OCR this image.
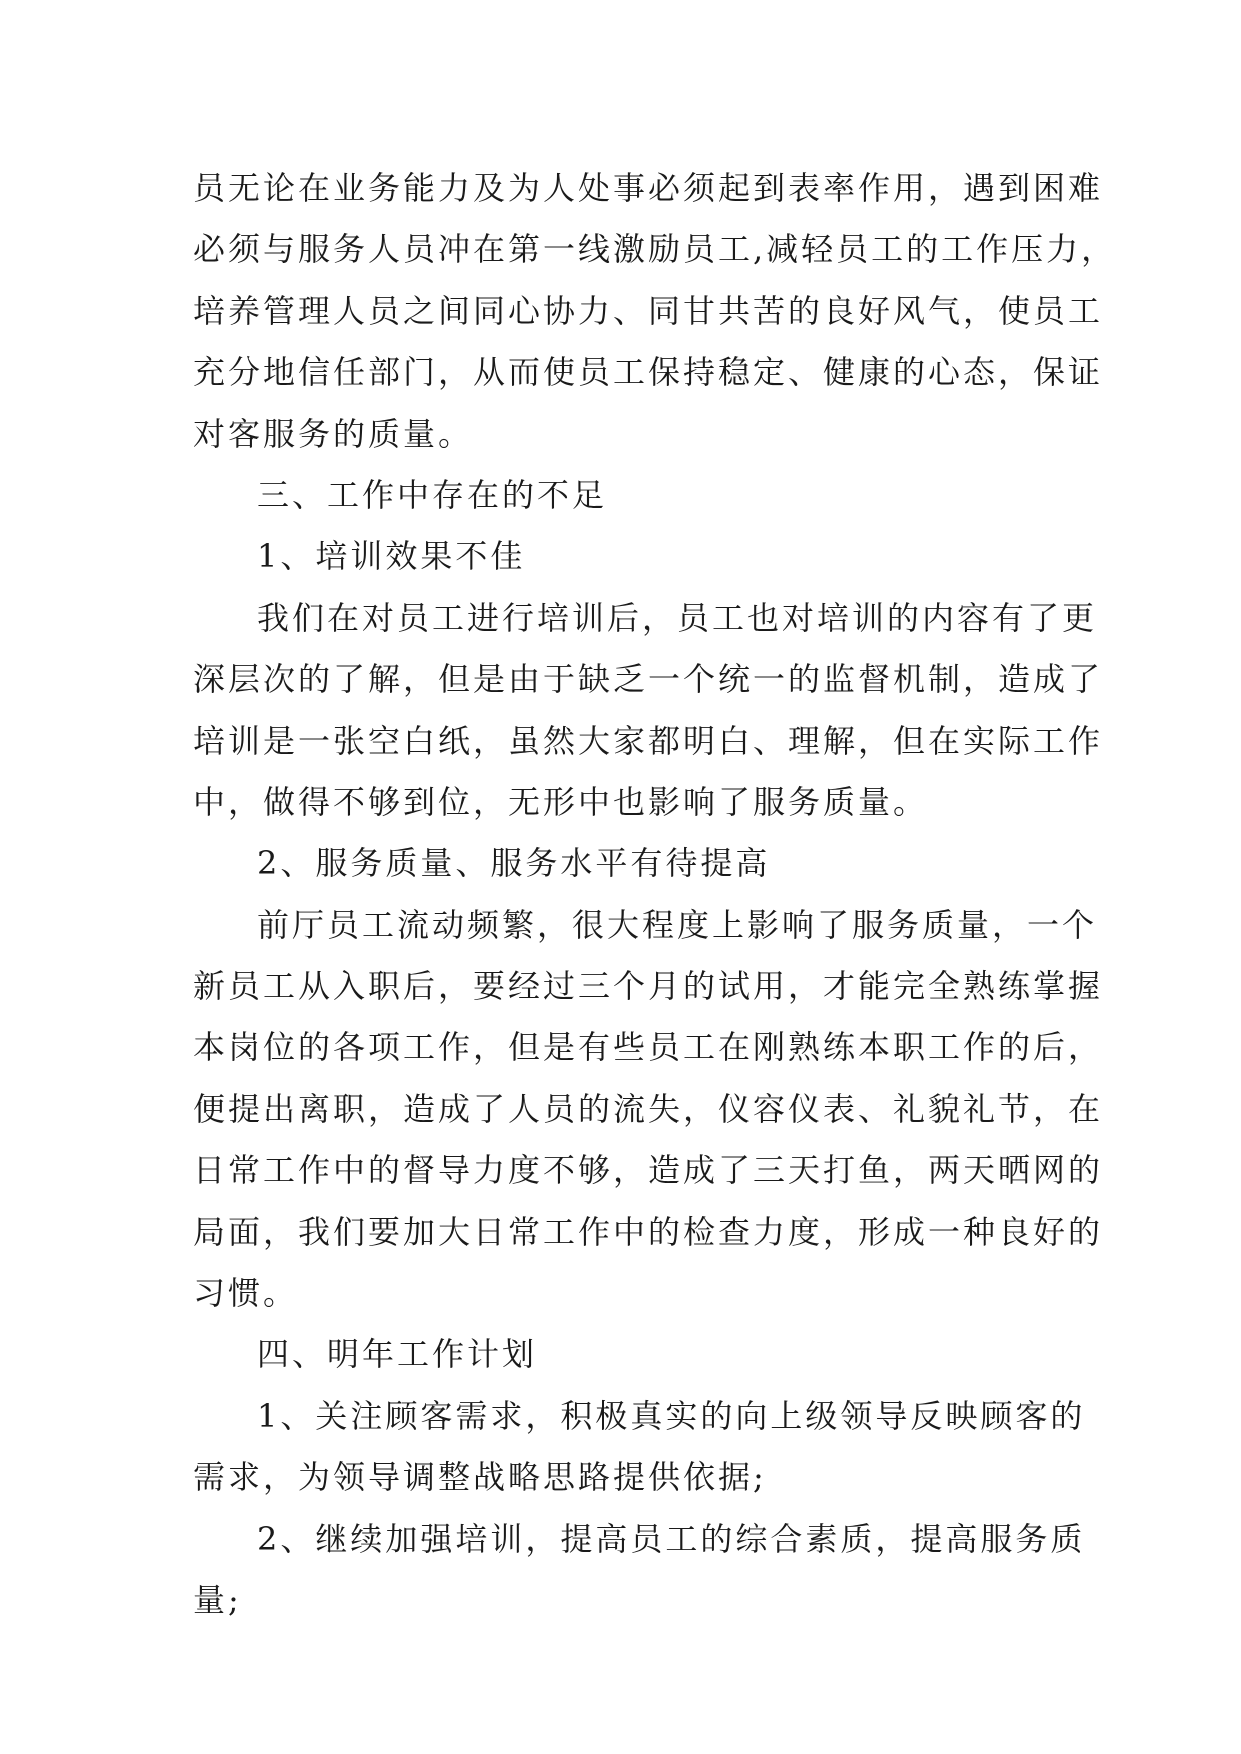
员无论在业务能力及为人处事必须起到表率作用，遇到困难

必须与服务人员冲在第一线激励员工,减轻员工的工作压力，

培养管理人员之间同心协力、同甘共苦的良好风气，使员工

充分地信任部门，从而使员工保持稳定、健康的心态，保证

对客服务的质量。

三、工作中存在的不足

1、培训效果不佳

我们在对员工进行培训后，员工也对培训的内容有了更

深层次的了解，但是由于缺乏一个统一的监督机制，造成了

培训是一张空白纸，虽然大家都明白、理解，但在实际工作

中，做得不够到位，无形中也影响了服务质量。

2、服务质量、服务水平有待提高

前厅员工流动频繁，很大程度上影响了服务质量，一个

新员工从入职后，要经过三个月的试用，才能完全熟练掌握

本岗位的各项工作，但是有些员工在刚熟练本职工作的后，

便提出离职，造成了人员的流失，仪容仪表、礼貌礼节，在

日常工作中的督导力度不够，造成了三天打鱼，两天晒网的

局面，我们要加大日常工作中的检查力度，形成一种良好的

习惯。

四、明年工作计划

1、关注顾客需求，积极真实的向上级领导反映顾客的

需求，为领导调整战略思路提供依据;

2、继续加强培训，提高员工的综合素质，提高服务质

量;
